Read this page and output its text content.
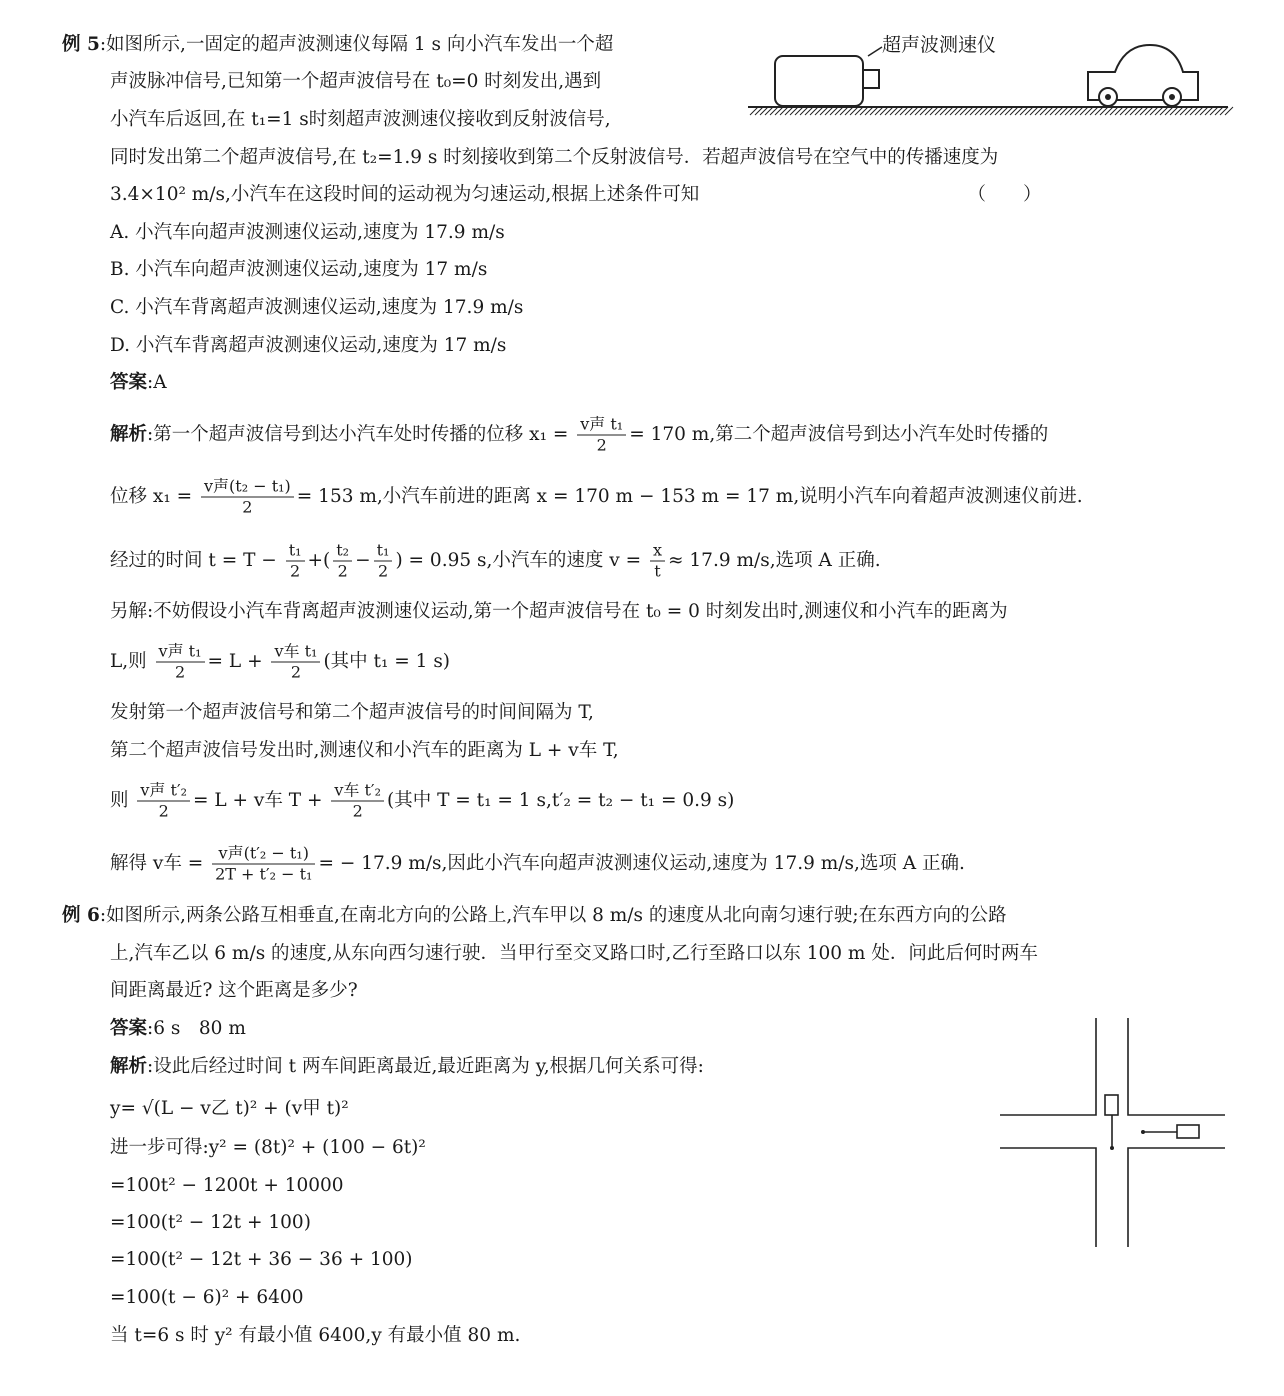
例 5:如图所示,一固定的超声波测速仪每隔 1 s 向小汽车发出一个超
声波脉冲信号,已知第一个超声波信号在 t₀=0 时刻发出,遇到
小汽车后返回,在 t₁=1 s时刻超声波测速仪接收到反射波信号,
同时发出第二个超声波信号,在 t₂=1.9 s 时刻接收到第二个反射波信号．若超声波信号在空气中的传播速度为
3.4×10² m/s,小汽车在这段时间的运动视为匀速运动,根据上述条件可知　　　　　　　　　　　　　　　（　　）
A. 小汽车向超声波测速仪运动,速度为 17.9 m/s
B. 小汽车向超声波测速仪运动,速度为 17 m/s
C. 小汽车背离超声波测速仪运动,速度为 17.9 m/s
D. 小汽车背离超声波测速仪运动,速度为 17 m/s
答案:A
解析:第一个超声波信号到达小汽车处时传播的位移 $x_1 = \frac{\text{v声 t₁}}{2} = 170$ m,第二个超声波信号到达小汽车处时传播的
位移 $x_1 = \frac{\text{v声(t₂ − t₁)}}{2} = 153$ m,小汽车前进的距离 x = 170 m − 153 m = 17 m,说明小汽车向着超声波测速仪前进.
经过的时间 $t = T - \frac{\text{t₁}}{2}$ +( $\frac{\text{t₂}}{2} - \frac{\text{t₁}}{2}$ ) = 0.95 s,小汽车的速度 $v = \frac{x}{t} \approx 17.9$ m/s,选项 A 正确.
另解:不妨假设小汽车背离超声波测速仪运动,第一个超声波信号在 t₀ = 0 时刻发出时,测速仪和小汽车的距离为
L,则 $\frac{\text{v声 t₁}}{2} = L + \frac{\text{v车 t₁}}{2}$ (其中 t₁ = 1 s)
发射第一个超声波信号和第二个超声波信号的时间间隔为 T,
第二个超声波信号发出时,测速仪和小汽车的距离为 L + v车 T,
则 $\frac{\text{v声 t′₂}}{2} = L + v$车 $T + \frac{\text{v车 t′₂}}{2}$ (其中 T = t₁ = 1 s,t′₂ = t₂ − t₁ = 0.9 s)
解得 v车 = $\frac{\text{v声(t′₂ − t₁)}}{\text{2T + t′₂ − t₁}}$ = − 17.9 m/s,因此小汽车向超声波测速仪运动,速度为 17.9 m/s,选项 A 正确.
例 6:如图所示,两条公路互相垂直,在南北方向的公路上,汽车甲以 8 m/s 的速度从北向南匀速行驶;在东西方向的公路
上,汽车乙以 6 m/s 的速度,从东向西匀速行驶．当甲行至交叉路口时,乙行至路口以东 100 m 处．问此后何时两车
间距离最近? 这个距离是多少?
答案:6 s　80 m
解析:设此后经过时间 t 两车间距离最近,最近距离为 y,根据几何关系可得:
y= √(L − v乙 t)² + (v甲 t)²
进一步可得:y² = (8t)² + (100 − 6t)²
=100t² − 1200t + 10000
=100(t² − 12t + 100)
=100(t² − 12t + 36 − 36 + 100)
=100(t − 6)² + 6400
当 t=6 s 时 y² 有最小值 6400,y 有最小值 80 m.
超声波测速仪
